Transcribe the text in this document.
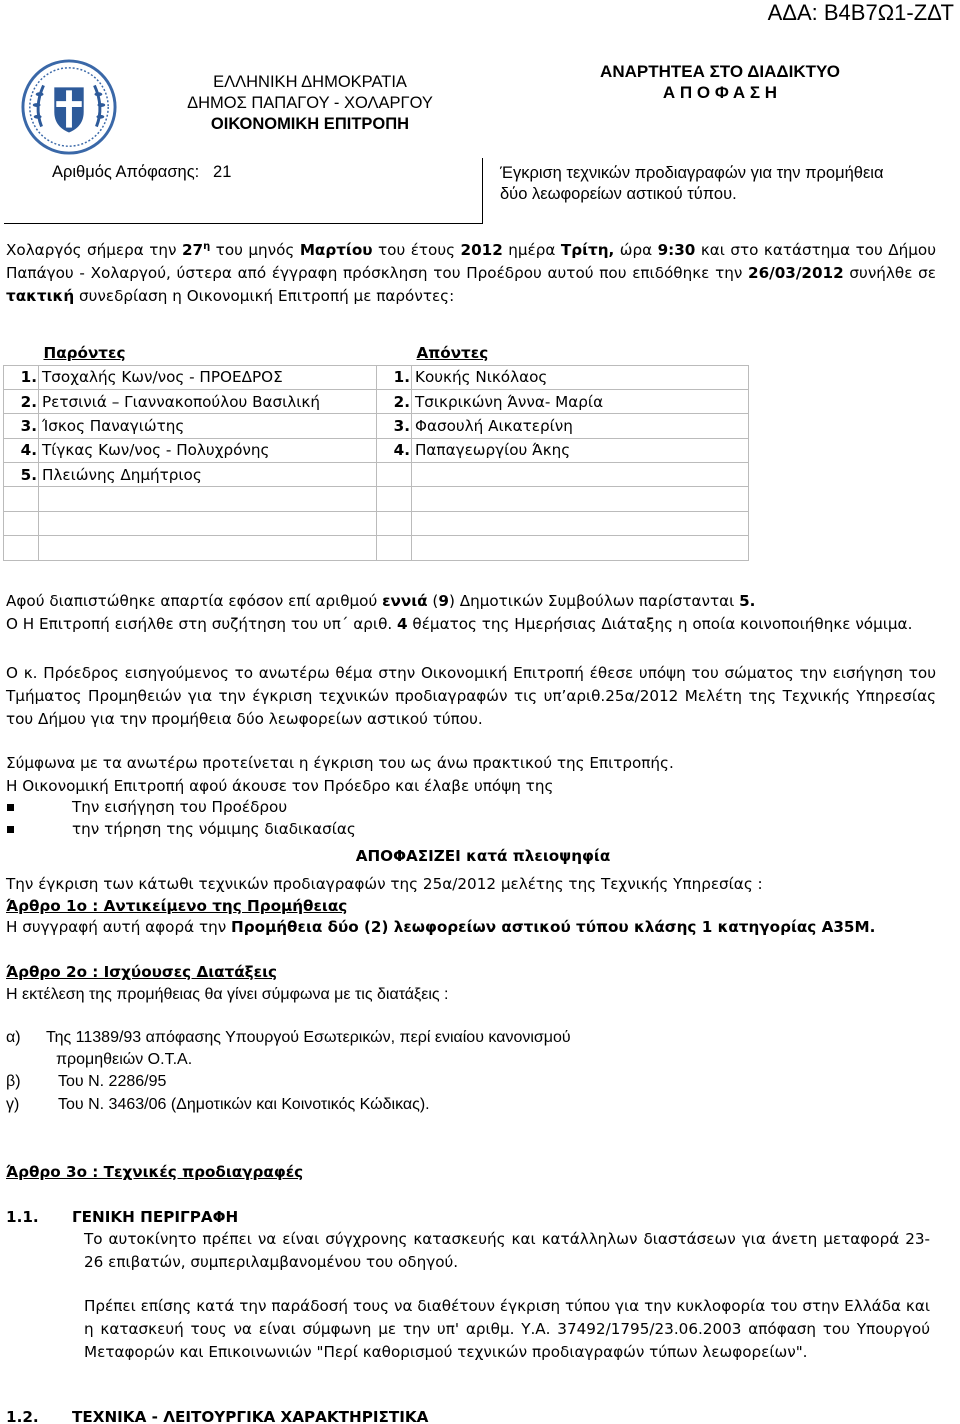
ΑΔΑ: Β4Β7Ω1-ΖΔΤ
ΕΛΛΗΝΙΚΗ ΔΗΜΟΚΡΑΤΙΑ
ΔΗΜΟΣ ΠΑΠΑΓΟΥ - ΧΟΛΑΡΓΟΥ
ΟΙΚΟΝΟΜΙΚΗ ΕΠΙΤΡΟΠΗ
ΑΝΑΡΤΗΤΕΑ ΣΤΟ ΔΙΑΔΙΚΤΥΟ
Α Π Ο Φ Α Σ Η
Αριθμός Απόφασης: 21	Έγκριση τεχνικών προδιαγραφών για την προμήθεια
δύο λεωφορείων αστικού τύπου.
Χολαργός σήμερα την $27^\eta$ του μηνός Μαρτίου του έτους 2012 ημέρα Τρίτη, ώρα 9:30 και στο κατάστημα του Δήμου Παπάγου - Χολαργού, ύστερα από έγγραφη πρόσκληση του Προέδρου αυτού που επιδόθηκε την 26/03/2012 συνήλθε σε τακτική συνεδρίαση η Οικονομική Επιτροπή με παρόντες:
Παρόντες		Απόντες	
1.	Τσοχαλής Κων/νος - ΠΡΟΕΔΡΟΣ	1.	Κουκής Νικόλαος
2.	Ρετσινιά – Γιαννακοπούλου Βασιλική	2.	Τσικρικώνη Άννα- Μαρία
3.	Ίσκος Παναγιώτης	3.	Φασουλή Αικατερίνη
4.	Τίγκας Κων/νος - Πολυχρόνης	4.	Παπαγεωργίου Άκης
5.	Πλειώνης Δημήτριος		

Αφού διαπιστώθηκε απαρτία εφόσον επί αριθμού εννιά (9) Δημοτικών Συμβούλων παρίστανται 5.
Ο Η Επιτροπή εισήλθε στη συζήτηση του υπ΄ αριθ. 4 θέματος της Ημερήσιας Διάταξης η οποία κοινοποιήθηκε νόμιμα.
Ο κ. Πρόεδρος εισηγούμενος το ανωτέρω θέμα στην Οικονομική Επιτροπή έθεσε υπόψη του σώματος την εισήγηση του Τμήματος Προμηθειών για την έγκριση τεχνικών προδιαγραφών τις υπ’αριθ.25α/2012 Μελέτη της Τεχνικής Υπηρεσίας του Δήμου για την προμήθεια δύο λεωφορείων αστικού τύπου.
Σύμφωνα με τα ανωτέρω προτείνεται η έγκριση του ως άνω πρακτικού της Επιτροπής.
Η Οικονομική Επιτροπή αφού άκουσε τον Πρόεδρο και έλαβε υπόψη της
Την εισήγηση του Προέδρου
την τήρηση της νόμιμης διαδικασίας
ΑΠΟΦΑΣΙΖΕΙ κατά πλειοψηφία
Την έγκριση των κάτωθι τεχνικών προδιαγραφών της 25α/2012 μελέτης της Τεχνικής Υπηρεσίας :
Άρθρο 1ο : Αντικείμενο της Προμήθειας
Η συγγραφή αυτή αφορά την Προμήθεια δύο (2) λεωφορείων αστικού τύπου κλάσης 1 κατηγορίας Α35Μ.
Άρθρο 2ο : Ισχύουσες Διατάξεις
Η εκτέλεση της προμήθειας θα γίνει σύμφωνα με τις διατάξεις :
α) Της 11389/93 απόφασης Υπουργού Εσωτερικών, περί ενιαίου κανονισμού
προμηθειών Ο.Τ.Α.
β) Του Ν. 2286/95
γ) Του Ν. 3463/06 (Δημοτικών και Κοινοτικός Κώδικας).
Άρθρο 3ο : Τεχνικές προδιαγραφές
1.1. ΓΕΝΙΚΗ ΠΕΡΙΓΡΑΦΗ
Το αυτοκίνητο πρέπει να είναι σύγχρονης κατασκευής και κατάλληλων διαστάσεων για άνετη μεταφορά 23-26 επιβατών, συμπεριλαμβανομένου του οδηγού.
Πρέπει επίσης κατά την παράδοσή τους να διαθέτουν έγκριση τύπου για την κυκλοφορία του στην Ελλάδα και η κατασκευή τους να είναι σύμφωνη με την υπ' αριθμ. Υ.Α. 37492/1795/23.06.2003 απόφαση του Υπουργού Μεταφορών και Επικοινωνιών "Περί καθορισμού τεχνικών προδιαγραφών τύπων λεωφορείων".
1.2. ΤΕΧΝΙΚΑ - ΛΕΙΤΟΥΡΓΙΚΑ ΧΑΡΑΚΤΗΡΙΣΤΙΚΑ
